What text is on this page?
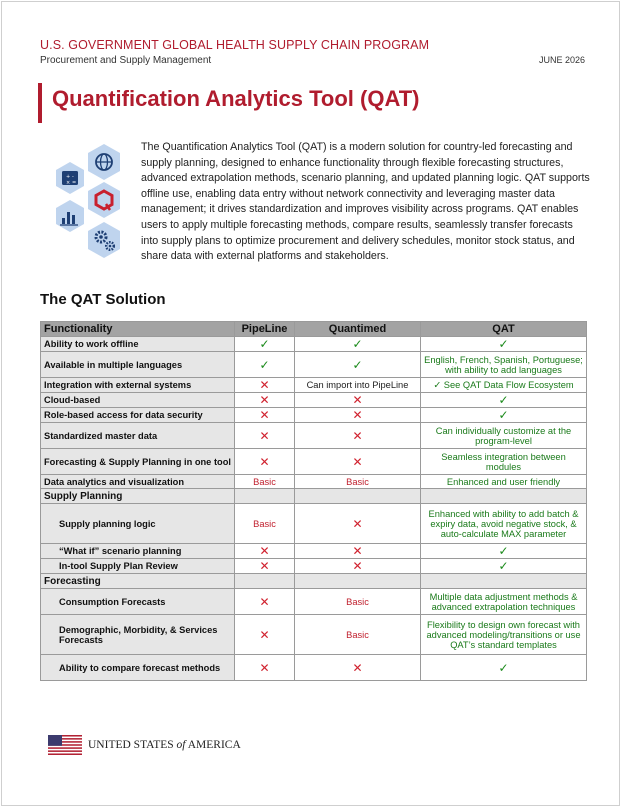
U.S. GOVERNMENT GLOBAL HEALTH SUPPLY CHAIN PROGRAM
Procurement and Supply Management	JUNE 2026
Quantification Analytics Tool (QAT)
+ -
× =
The Quantification Analytics Tool (QAT) is a modern solution for country-led forecasting and supply planning, designed to enhance functionality through flexible forecasting structures, advanced extrapolation methods, scenario planning, and updated planning logic. QAT supports offline use, enabling data entry without network connectivity and leveraging master data management; it drives standardization and improves visibility across programs. QAT enables users to apply multiple forecasting methods, compare results, seamlessly transfer forecasts into supply plans to optimize procurement and delivery schedules, monitor stock status, and share data with external platforms and stakeholders.
The QAT Solution
Functionality	PipeLine	Quantimed	QAT
Ability to work offline	✓	✓	✓
Available in multiple languages	✓	✓	English, French, Spanish, Portuguese; with ability to add languages
Integration with external systems	✕	Can import into PipeLine	✓ See QAT Data Flow Ecosystem
Cloud-based	✕	✕	✓
Role-based access for data security	✕	✕	✓
Standardized master data	✕	✕	Can individually customize at the program-level
Forecasting & Supply Planning in one tool	✕	✕	Seamless integration between modules
Data analytics and visualization	Basic	Basic	Enhanced and user friendly
Supply Planning			
Supply planning logic	Basic	✕	Enhanced with ability to add batch & expiry data, avoid negative stock, & auto-calculate MAX parameter
“What if” scenario planning	✕	✕	✓
In-tool Supply Plan Review	✕	✕	✓
Forecasting			
Consumption Forecasts	✕	Basic	Multiple data adjustment methods & advanced extrapolation techniques
Demographic, Morbidity, & Services Forecasts	✕	Basic	Flexibility to design own forecast with advanced modeling/transitions or use QAT’s standard templates
Ability to compare forecast methods	✕	✕	✓
UNITED STATES of AMERICA
